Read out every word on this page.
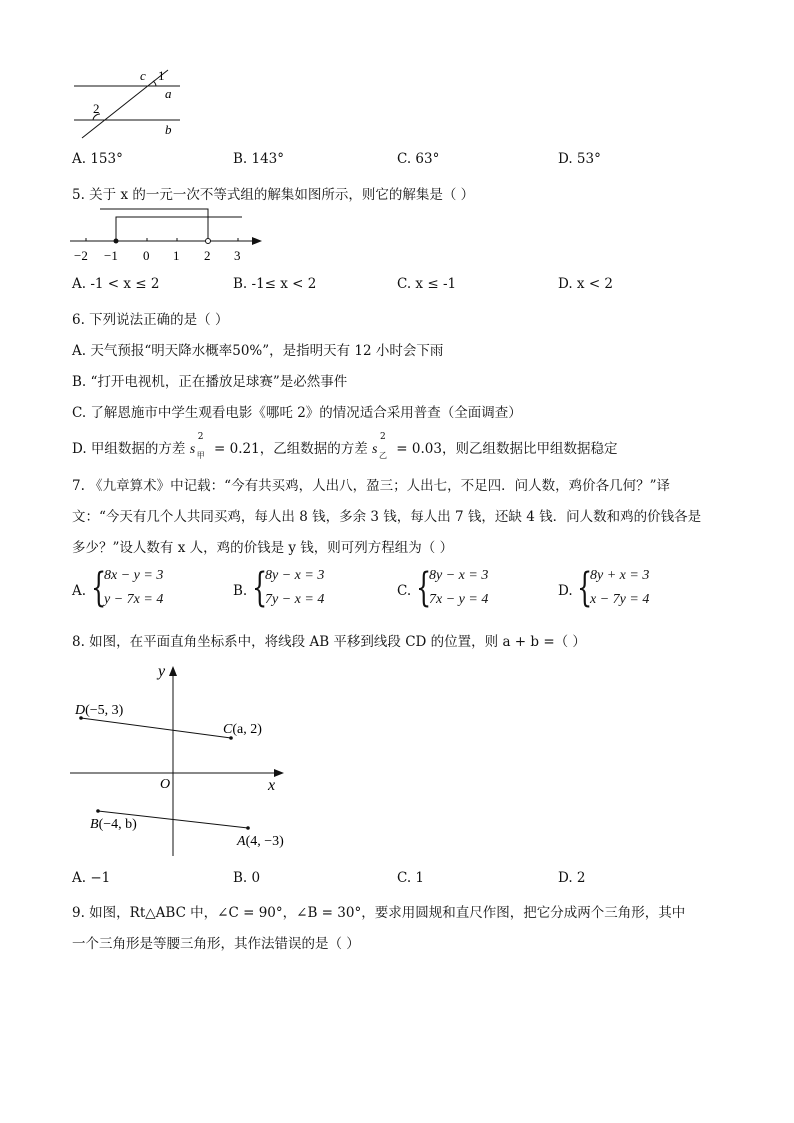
c 1
a
2
b
A. 153°	B. 143°	C. 63°	D. 53°
5. 关于 x 的一元一次不等式组的解集如图所示，则它的解集是（ ）
−2 −1 0 1 2 3
A. -1 < x ≤ 2	B. -1≤ x < 2	C. x ≤ -1	D. x < 2
6. 下列说法正确的是（ ）
A. 天气预报“明天降水概率50%”，是指明天有 12 小时会下雨
B. “打开电视机，正在播放足球赛”是必然事件
C. 了解恩施市中学生观看电影《哪吒 2》的情况适合采用普查（全面调查）
D. 甲组数据的方差 s
2
甲 = 0.21，乙组数据的方差 s
2
乙 = 0.03，则乙组数据比甲组数据稳定
7. 《九章算术》中记载：“今有共买鸡，人出八，盈三；人出七，不足四．问人数，鸡价各几何？”译
文：“今天有几个人共同买鸡，每人出 8 钱，多余 3 钱，每人出 7 钱，还缺 4 钱．问人数和鸡的价钱各是
多少？”设人数有 x 人，鸡的价钱是 y 钱，则可列方程组为（ ）
A. {
8x − y = 3
y − 7x = 4
B. {
8y − x = 3
7y − x = 4
C. {
8y − x = 3
7x − y = 4
D. {
8y + x = 3
x − 7y = 4
8. 如图，在平面直角坐标系中，将线段 AB 平移到线段 CD 的位置，则 a + b =（ ）
y
x
O
D(−5, 3)
C(a, 2)
B(−4, b)
A(4, −3)
A. −1	B. 0	C. 1	D. 2
9. 如图，Rt△ABC 中，∠C = 90°，∠B = 30°，要求用圆规和直尺作图，把它分成两个三角形，其中
一个三角形是等腰三角形，其作法错误的是（ ）
